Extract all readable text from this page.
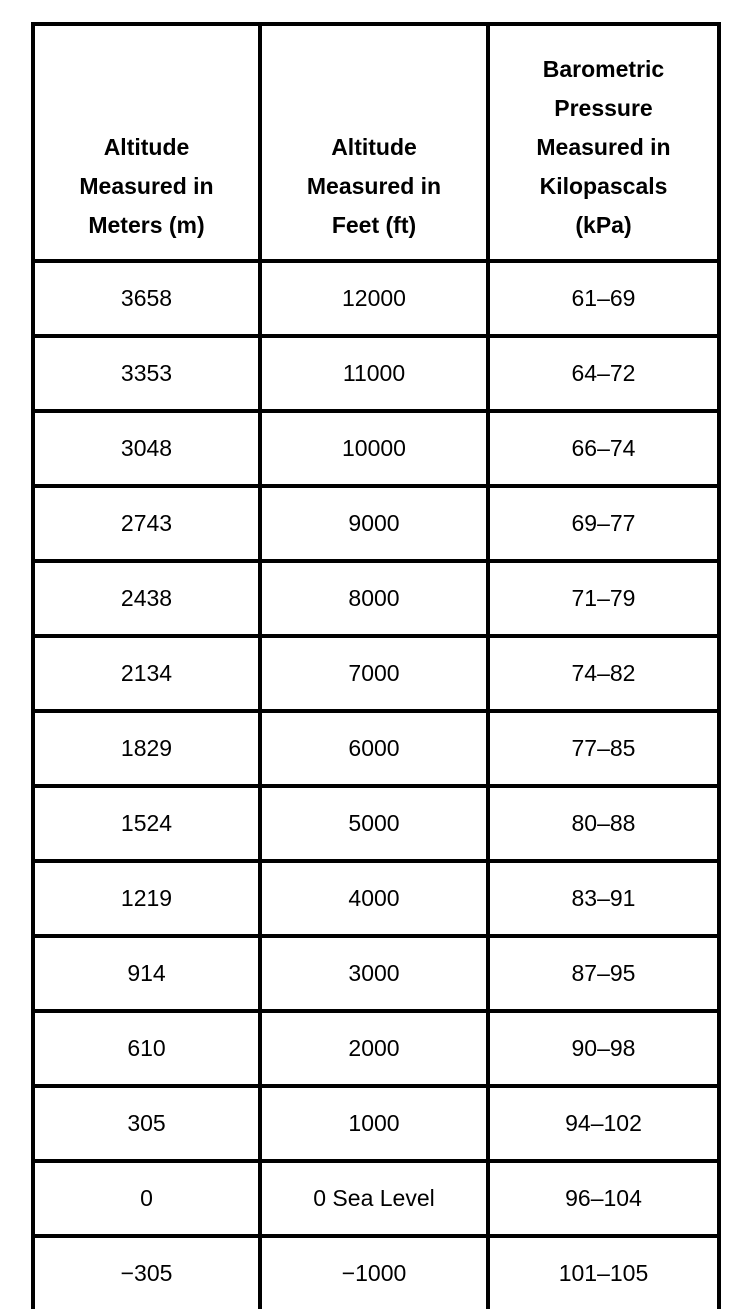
Altitude
Measured in
Meters (m)	Altitude
Measured in
Feet (ft)	Barometric
Pressure
Measured in
Kilopascals
(kPa)

3658	12000	61–69
3353	11000	64–72
3048	10000	66–74
2743	9000	69–77
2438	8000	71–79
2134	7000	74–82
1829	6000	77–85
1524	5000	80–88
1219	4000	83–91
914	3000	87–95
610	2000	90–98
305	1000	94–102
0	0 Sea Level	96–104
−305	−1000	101–105
